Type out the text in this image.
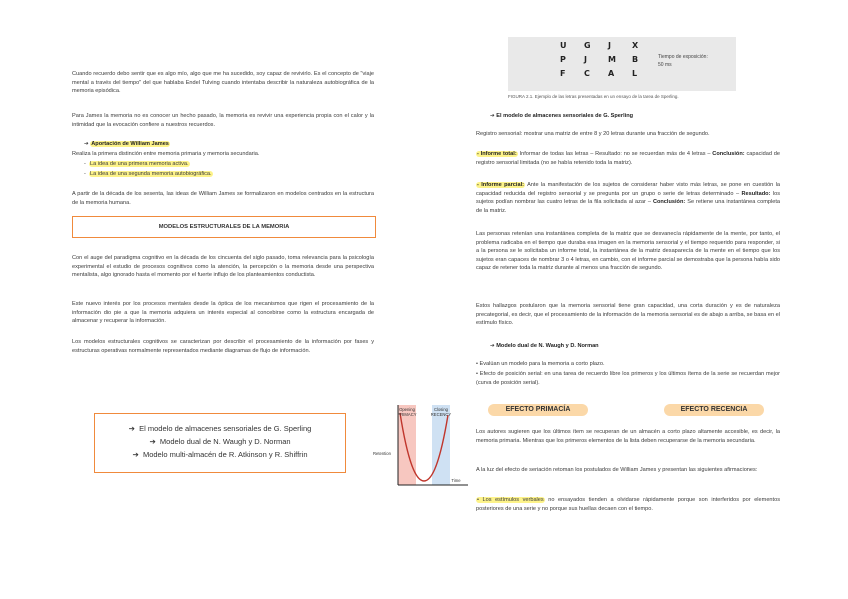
Cuando recuerdo debo sentir que es algo mío, algo que me ha sucedido, soy capaz de revivirlo. Es el concepto de "viaje mental a través del tiempo" del que hablaba Endel Tulving cuando intentaba describir la naturaleza autobiográfica de la memoria episódica.
Para James la memoria no es conocer un hecho pasado, la memoria es revivir una experiencia propia con el calor y la intimidad que la evocación confiere a nuestros recuerdos.
➔ Aportación de William James
Realiza la primera distinción entre memoria primaria y memoria secundaria.
-  La idea de una primera memoria activa.
-  La idea de una segunda memoria autobiográfica.
A partir de la década de los sesenta, las ideas de William James se formalizaron en modelos centrados en la estructura de la memoria humana.
MODELOS ESTRUCTURALES DE LA MEMORIA
Con el auge del paradigma cognitivo en la década de los cincuenta del siglo pasado, toma relevancia para la psicología experimental el estudio de procesos cognitivos como la atención, la percepción o la memoria desde una perspectiva mentalista, algo ignorado hasta el momento por el fuerte influjo de los planteamientos conductista.
Este nuevo interés por los procesos mentales desde la óptica de los mecanismos que rigen el procesamiento de la información dio pie a que la memoria adquiera un interés especial al concebirse como la estructura encargada de almacenar y recuperar la información.
Los modelos estructurales cognitivos se caracterizan por describir el procesamiento de la información por fases y estructuras operativas normalmente representados mediante diagramas de flujo de información.
➔ El modelo de almacenes sensoriales de G. Sperling
➔ Modelo dual de N. Waugh y D. Norman
➔ Modelo multi-almacén de R. Atkinson y R. Shiffrin
Opening
PRIMACY
Closing
RECENCY
Retention
Time
U G J	X
P J	M B
F C A L
Tiempo de exposición:
50 ms
FIGURA 2.1. Ejemplo de las letras presentadas en un ensayo de la tarea de Sperling.
➔ El modelo de almacenes sensoriales de G. Sperling
Registro sensorial: mostrar una matriz de entre 8 y 20 letras durante una fracción de segundo.
- Informe total: Informar de todas las letras – Resultado: no se recuerdan más de 4 letras – Conclusión: capacidad de registro sensorial limitada (no se había retenido toda la matriz).
- Informe parcial: Ante la manifestación de los sujetos de considerar haber visto más letras, se pone en cuestión la capacidad reducida del registro sensorial y se pregunta por un grupo o serie de letras determinado – Resultado: los sujetos podían nombrar las cuatro letras de la fila solicitada al azar – Conclusión: Se retiene una instantánea completa de la matriz.
Las personas retenían una instantánea completa de la matriz que se desvanecía rápidamente de la mente, por tanto, el problema radicaba en el tiempo que duraba esa imagen en la memoria sensorial y el tiempo requerido para responder, si a la persona se le solicitaba un informe total, la instantánea de la matriz desaparecía de la mente en el tiempo que los sujetos eran capaces de nombrar 3 o 4 letras, en cambio, con el informe parcial se demostraba que la persona había sido capaz de retener toda la matriz durante al menos una fracción de segundo.
Estos hallazgos postularon que la memoria sensorial tiene gran capacidad, una corta duración y es de naturaleza precategorial, es decir, que el procesamiento de la información de la memoria sensorial es de abajo a arriba, se basa en el estímulo físico.
➔ Modelo dual de N. Waugh y D. Norman
• Evalúan un modelo para la memoria a corto plazo.
• Efecto de posición serial: en una tarea de recuerdo libre los primeros y los últimos ítems de la serie se recuerdan mejor (curva de posición serial).
EFECTO PRIMACÍA	EFECTO RECENCIA
Los autores sugieren que los últimos ítem se recuperan de un almacén a corto plazo altamente accesible, es decir, la memoria primaria. Mientras que los primeros elementos de la lista deben recuperarse de la memoria secundaria.
A la luz del efecto de seriación retoman los postulados de William James y presentan las siguientes afirmaciones:
• Los estímulos verbales no ensayados tienden a olvidarse rápidamente porque son interferidos por elementos posteriores de una serie y no porque sus huellas decaen con el tiempo.
